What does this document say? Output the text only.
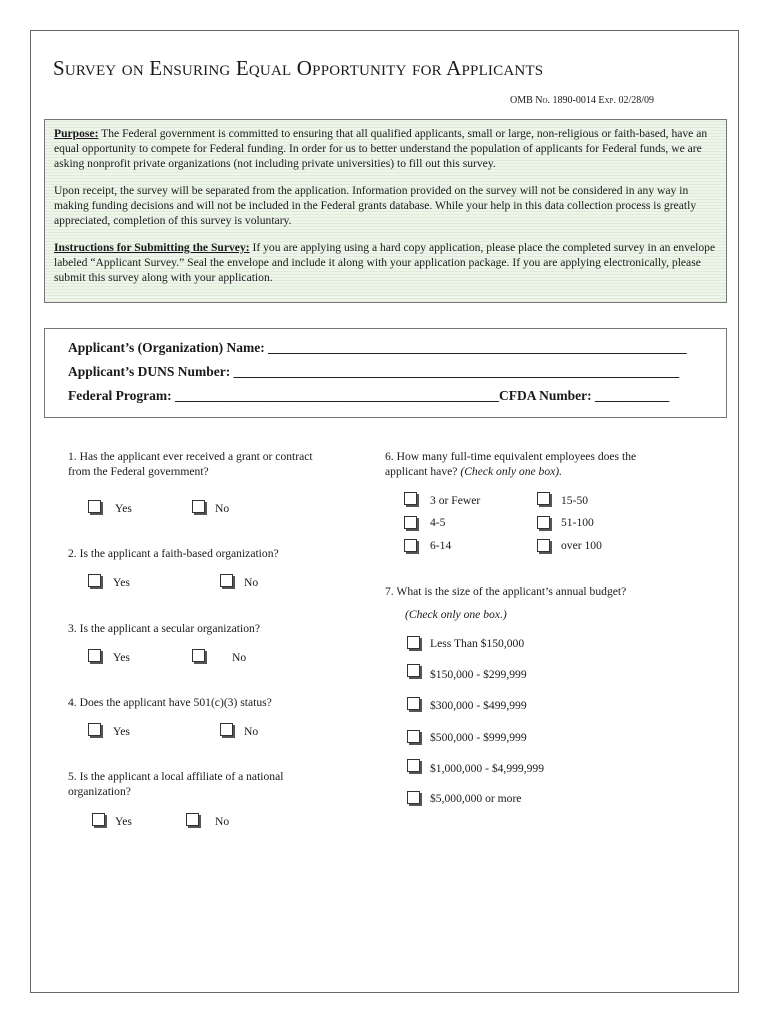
Survey on Ensuring Equal Opportunity for Applicants
OMB No. 1890-0014 Exp. 02/28/09

Purpose: The Federal government is committed to ensuring that all qualified applicants, small or large, non-religious or faith-based, have an equal opportunity to compete for Federal funding. In order for us to better understand the population of applicants for Federal funds, we are asking nonprofit private organizations (not including private universities) to fill out this survey.

Upon receipt, the survey will be separated from the application. Information provided on the survey will not be considered in any way in making funding decisions and will not be included in the Federal grants database. While your help in this data collection process is greatly appreciated, completion of this survey is voluntary.

Instructions for Submitting the Survey: If you are applying using a hard copy application, please place the completed survey in an envelope labeled “Applicant Survey.” Seal the envelope and include it along with your application package. If you are applying electronically, please submit this survey along with your application.

Applicant’s (Organization) Name: ______________________________________________________________
Applicant’s DUNS Number: __________________________________________________________________
Federal Program: ________________________________________________CFDA Number: ___________
1. Has the applicant ever received a grant or contract from the Federal government?
Yes	No
2. Is the applicant a faith-based organization?
Yes	No
3. Is the applicant a secular organization?
Yes	No
4. Does the applicant have 501(c)(3) status?
Yes	No
5. Is the applicant a local affiliate of a national organization?
Yes	No
6. How many full-time equivalent employees does the applicant have? (Check only one box).
3 or Fewer	15-50
4-5	51-100
6-14	over 100
7. What is the size of the applicant’s annual budget?
(Check only one box.)
Less Than $150,000
$150,000 - $299,999
$300,000 - $499,999
$500,000 - $999,999
$1,000,000 - $4,999,999
$5,000,000 or more
